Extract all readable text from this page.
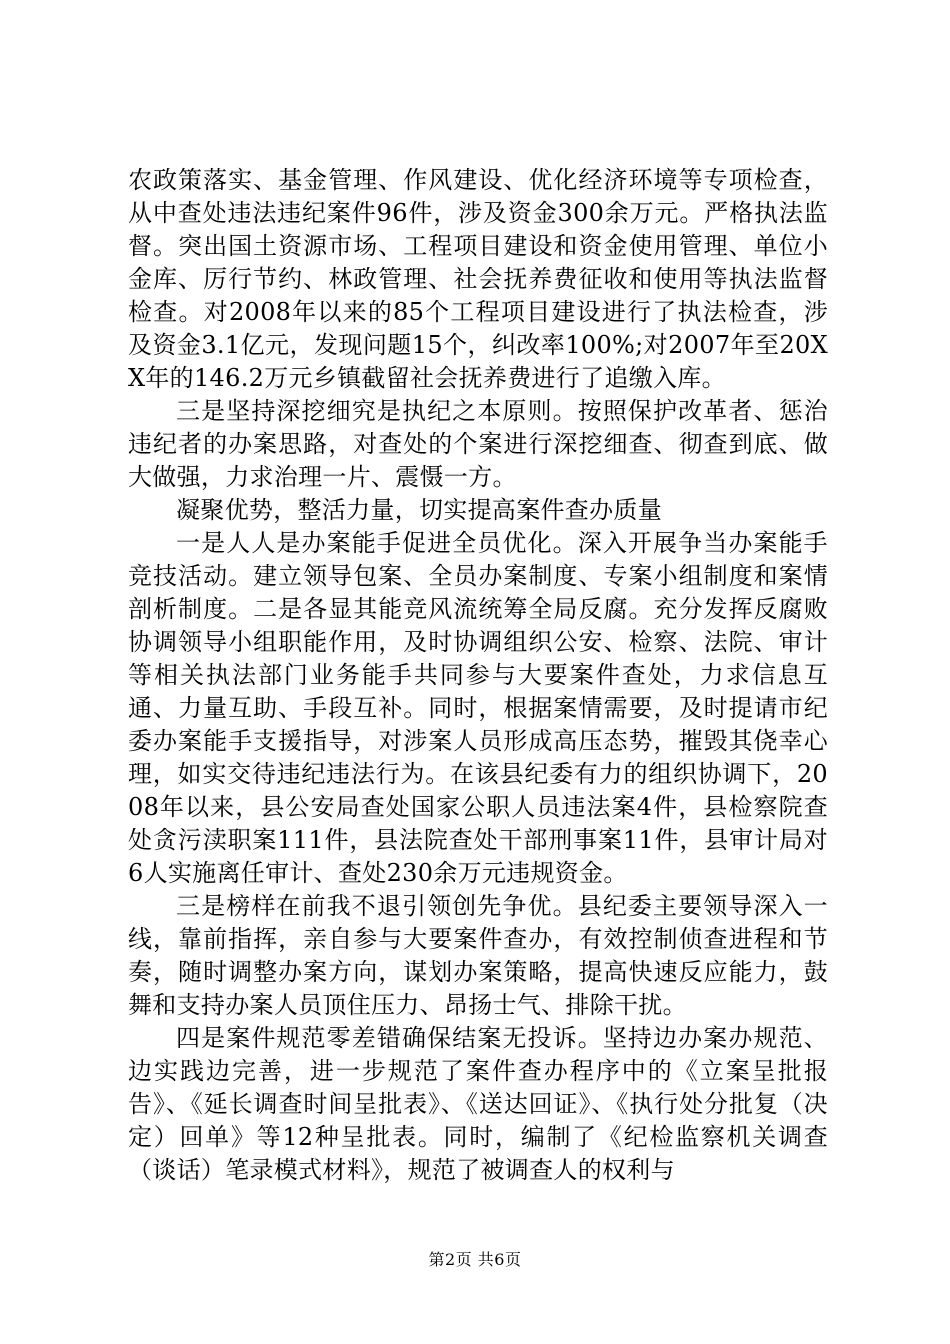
农政策落实、基金管理、作风建设、优化经济环境等专项检查，从中查处违法违纪案件96件，涉及资金300余万元。严格执法监督。突出国土资源市场、工程项目建设和资金使用管理、单位小金库、厉行节约、林政管理、社会抚养费征收和使用等执法监督检查。对2008年以来的85个工程项目建设进行了执法检查，涉及资金3.1亿元，发现问题15个，纠改率100%;对2007年至20XX年的146.2万元乡镇截留社会抚养费进行了追缴入库。

三是坚持深挖细究是执纪之本原则。按照保护改革者、惩治违纪者的办案思路，对查处的个案进行深挖细查、彻查到底、做大做强，力求治理一片、震慑一方。

凝聚优势，整活力量，切实提高案件查办质量

一是人人是办案能手促进全员优化。深入开展争当办案能手竞技活动。建立领导包案、全员办案制度、专案小组制度和案情剖析制度。二是各显其能竞风流统筹全局反腐。充分发挥反腐败协调领导小组职能作用，及时协调组织公安、检察、法院、审计等相关执法部门业务能手共同参与大要案件查处，力求信息互通、力量互助、手段互补。同时，根据案情需要，及时提请市纪委办案能手支援指导，对涉案人员形成高压态势，摧毁其侥幸心理，如实交待违纪违法行为。在该县纪委有力的组织协调下，2008年以来，县公安局查处国家公职人员违法案4件，县检察院查处贪污渎职案111件，县法院查处干部刑事案11件，县审计局对6人实施离任审计、查处230余万元违规资金。

三是榜样在前我不退引领创先争优。县纪委主要领导深入一线，靠前指挥，亲自参与大要案件查办，有效控制侦查进程和节奏，随时调整办案方向，谋划办案策略，提高快速反应能力，鼓舞和支持办案人员顶住压力、昂扬士气、排除干扰。

四是案件规范零差错确保结案无投诉。坚持边办案办规范、边实践边完善，进一步规范了案件查办程序中的《立案呈批报告》、《延长调查时间呈批表》、《送达回证》、《执行处分批复（决定）回单》等12种呈批表。同时，编制了《纪检监察机关调查（谈话）笔录模式材料》，规范了被调查人的权利与

第2页 共6页
